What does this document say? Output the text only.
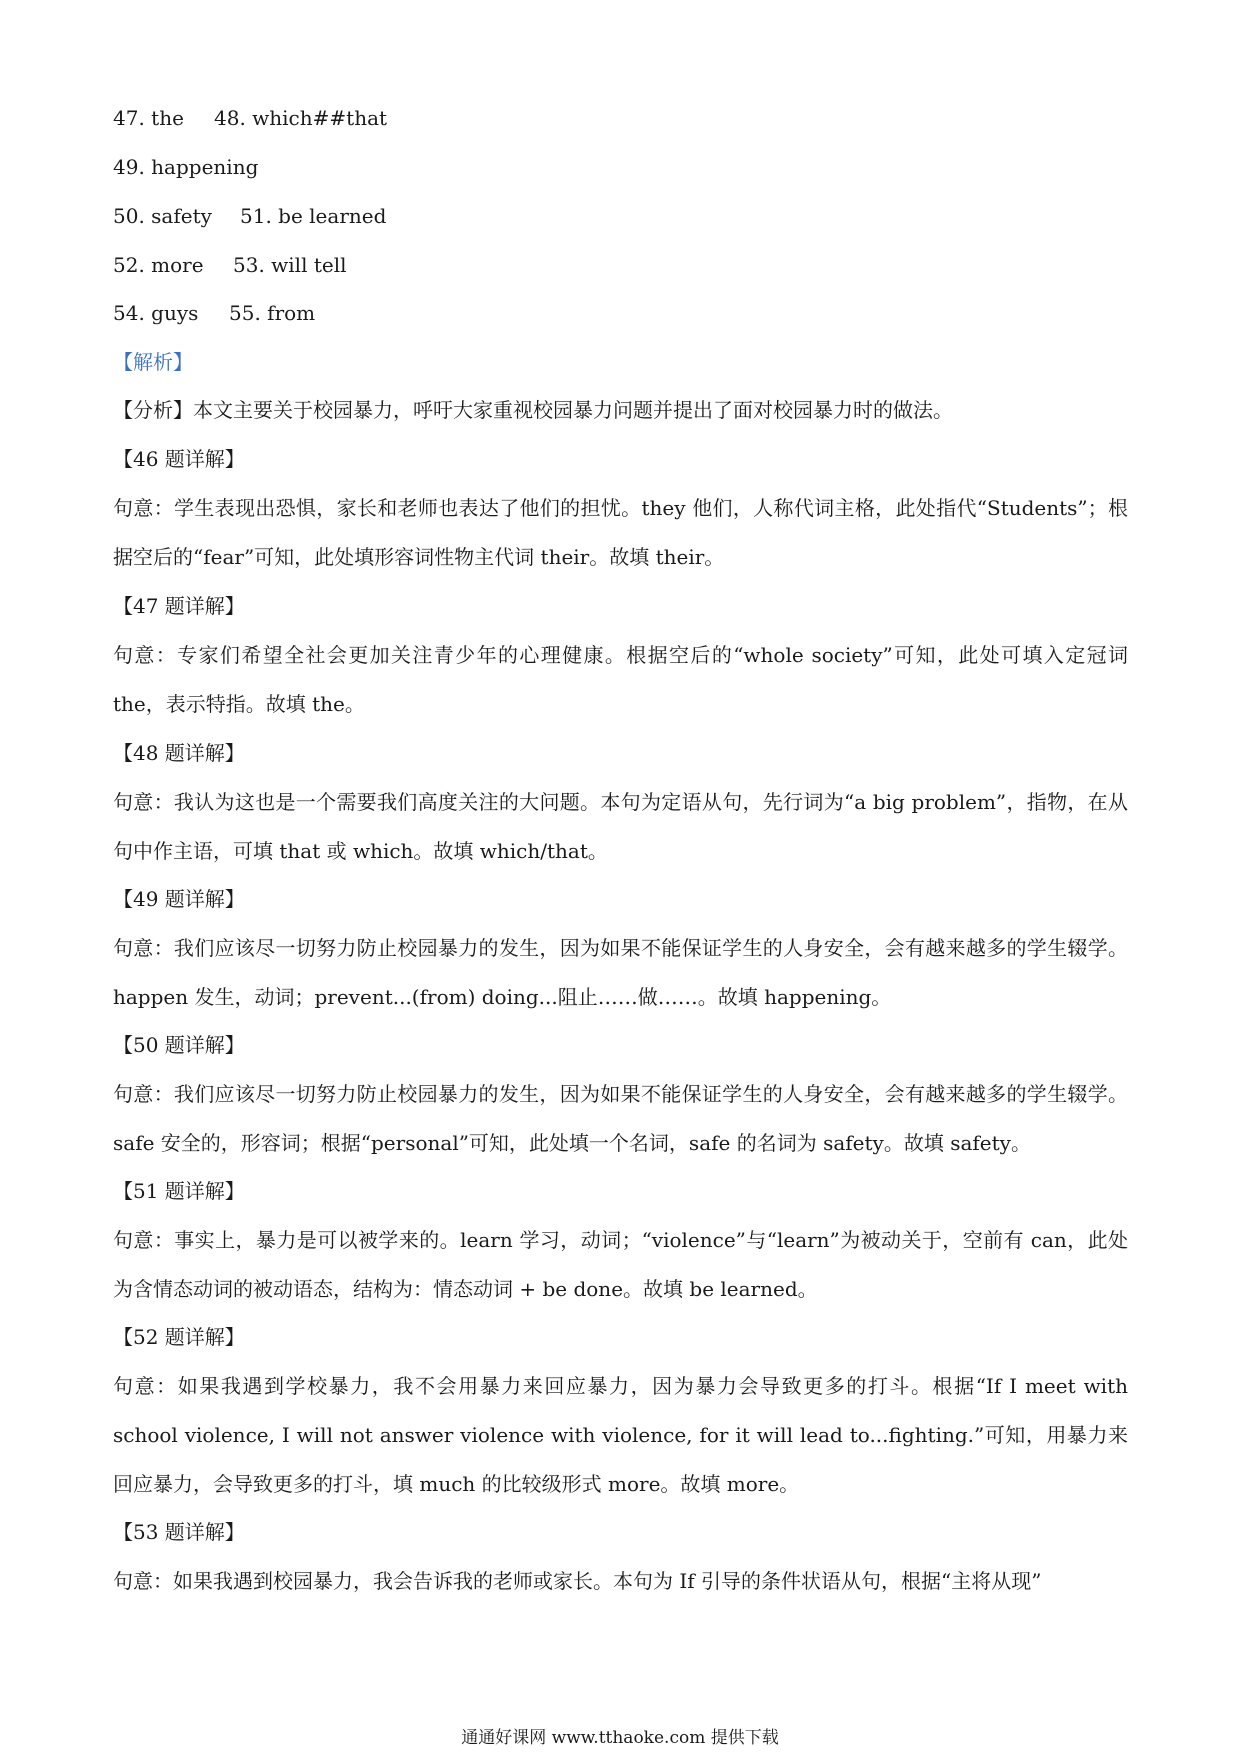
47. the 48. which##that
49. happening
50. safety 51. be learned
52. more 53. will tell
54. guys 55. from
【解析】
【分析】本文主要关于校园暴力，呼吁大家重视校园暴力问题并提出了面对校园暴力时的做法。
【46 题详解】
句意：学生表现出恐惧，家长和老师也表达了他们的担忧。they 他们，人称代词主格，此处指代“Students”；根据空后的“fear”可知，此处填形容词性物主代词 their。故填 their。
【47 题详解】
句意：专家们希望全社会更加关注青少年的心理健康。根据空后的“whole society”可知，此处可填入定冠词 the，表示特指。故填 the。
【48 题详解】
句意：我认为这也是一个需要我们高度关注的大问题。本句为定语从句，先行词为“a big problem”，指物，在从句中作主语，可填 that 或 which。故填 which/that。
【49 题详解】
句意：我们应该尽一切努力防止校园暴力的发生，因为如果不能保证学生的人身安全，会有越来越多的学生辍学。happen 发生，动词；prevent...(from) doing...阻止……做……。故填 happening。
【50 题详解】
句意：我们应该尽一切努力防止校园暴力的发生，因为如果不能保证学生的人身安全，会有越来越多的学生辍学。safe 安全的，形容词；根据“personal”可知，此处填一个名词，safe 的名词为 safety。故填 safety。
【51 题详解】
句意：事实上，暴力是可以被学来的。learn 学习，动词；“violence”与“learn”为被动关于，空前有 can，此处为含情态动词的被动语态，结构为：情态动词 + be done。故填 be learned。
【52 题详解】
句意：如果我遇到学校暴力，我不会用暴力来回应暴力，因为暴力会导致更多的打斗。根据“If I meet with school violence, I will not answer violence with violence, for it will lead to...fighting.”可知，用暴力来回应暴力，会导致更多的打斗，填 much 的比较级形式 more。故填 more。
【53 题详解】
句意：如果我遇到校园暴力，我会告诉我的老师或家长。本句为 If 引导的条件状语从句，根据“主将从现”
通通好课网 www.tthaoke.com 提供下载
